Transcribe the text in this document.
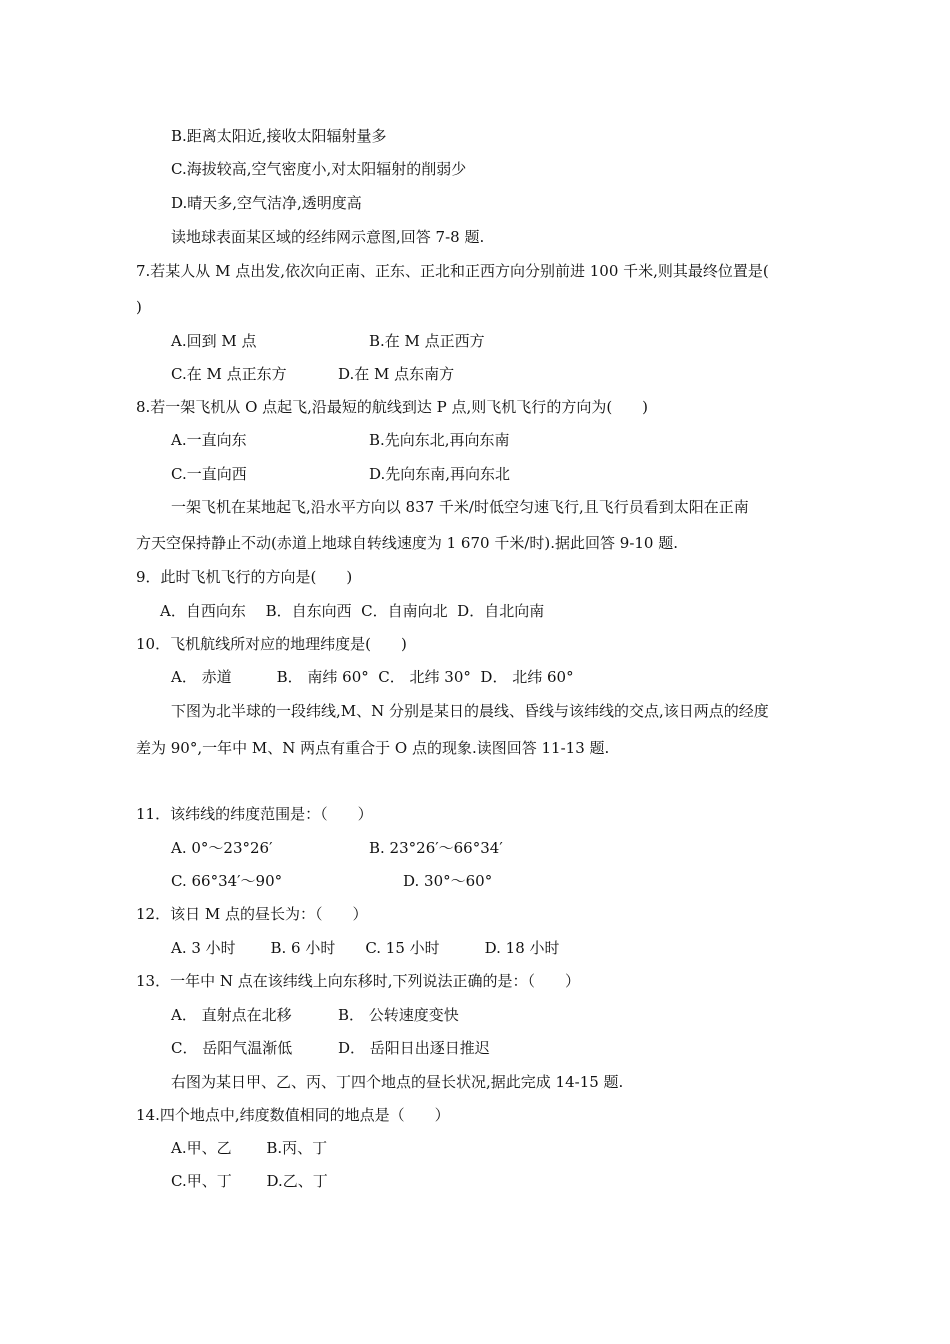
B.距离太阳近,接收太阳辐射量多
C.海拔较高,空气密度小,对太阳辐射的削弱少
D.晴天多,空气洁净,透明度高
读地球表面某区域的经纬网示意图,回答 7-8 题.
7.若某人从 M 点出发,依次向正南、正东、正北和正西方向分别前进 100 千米,则其最终位置是(
)
A.回到 M 点	B.在 M 点正西方
C.在 M 点正东方	D.在 M 点东南方
8.若一架飞机从 O 点起飞,沿最短的航线到达 P 点,则飞机飞行的方向为(　　)
A.一直向东	B.先向东北,再向东南
C.一直向西	D.先向东南,再向东北
一架飞机在某地起飞,沿水平方向以 837 千米/时低空匀速飞行,且飞行员看到太阳在正南
方天空保持静止不动(赤道上地球自转线速度为 1 670 千米/时).据此回答 9-10 题.
9．此时飞机飞行的方向是(　　)
A．自西向东　 B．自东向西  C．自南向北  D．自北向南
10．飞机航线所对应的地理纬度是(　　)
A． 赤道　　　B． 南纬 60°  C． 北纬 30°  D． 北纬 60°
下图为北半球的一段纬线,M、N 分别是某日的晨线、昏线与该纬线的交点,该日两点的经度
差为 90°,一年中 M、N 两点有重合于 O 点的现象.读图回答 11-13 题.
11．该纬线的纬度范围是：（　　）
A. 0°～23°26′	B. 23°26′～66°34′
C. 66°34′～90°	D. 30°～60°
12．该日 M 点的昼长为：（　　）
A. 3 小时　　 B. 6 小时　　C. 15 小时　　　D. 18 小时
13．一年中 N 点在该纬线上向东移时,下列说法正确的是：（　　）
A． 直射点在北移	B． 公转速度变快
C． 岳阳气温渐低	D． 岳阳日出逐日推迟
右图为某日甲、乙、丙、丁四个地点的昼长状况,据此完成 14-15 题.
14.四个地点中,纬度数值相同的地点是（　　）
A.甲、乙　　 B.丙、丁
C.甲、丁　　 D.乙、丁
